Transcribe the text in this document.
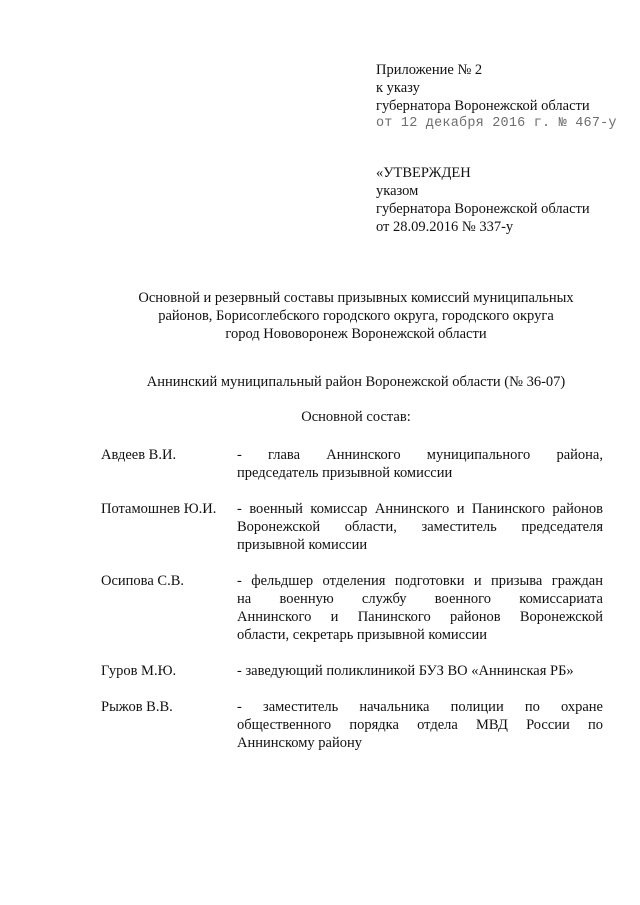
Приложение № 2
к указу
губернатора Воронежской области
от 12 декабря 2016 г. № 467-у
«УТВЕРЖДЕН
указом
губернатора Воронежской области
от 28.09.2016 № 337-у
Основной и резервный составы призывных комиссий муниципальных
районов, Борисоглебского городского округа, городского округа
город Нововоронеж Воронежской области
Аннинский муниципальный район Воронежской области (№ 36-07)
Основной состав:
Авдеев В.И.	- глава Аннинского муниципального района,
председатель призывной комиссии
Потамошнев Ю.И.	- военный комиссар Аннинского и Панинского районов
Воронежской области, заместитель председателя
призывной комиссии
Осипова С.В.	- фельдшер отделения подготовки и призыва граждан
на военную службу военного комиссариата
Аннинского и Панинского районов Воронежской
области, секретарь призывной комиссии
Гуров М.Ю.	- заведующий поликлиникой БУЗ ВО «Аннинская РБ»
Рыжов В.В.	- заместитель начальника полиции по охране
общественного порядка отдела МВД России по
Аннинскому району
